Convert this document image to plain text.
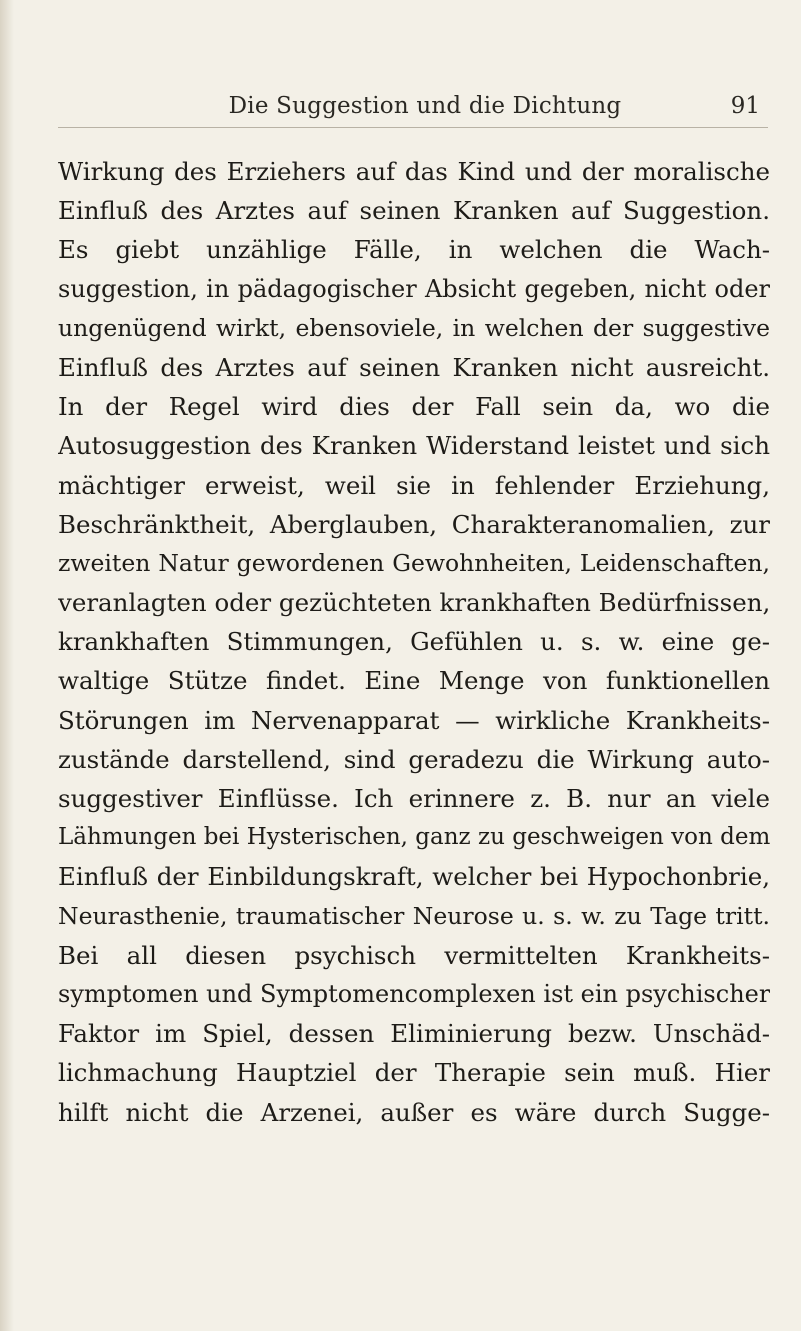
Die Suggestion und die Dichtung	91
Wirkung des Erziehers auf das Kind und der moralische
Einfluß des Arztes auf seinen Kranken auf Suggestion.
Es giebt unzählige Fälle, in welchen die Wach-
suggestion, in pädagogischer Absicht gegeben, nicht oder
ungenügend wirkt, ebensoviele, in welchen der suggestive
Einfluß des Arztes auf seinen Kranken nicht ausreicht.
In der Regel wird dies der Fall sein da, wo die
Autosuggestion des Kranken Widerstand leistet und sich
mächtiger erweist, weil sie in fehlender Erziehung,
Beschränktheit, Aberglauben, Charakteranomalien, zur
zweiten Natur gewordenen Gewohnheiten, Leidenschaften,
veranlagten oder gezüchteten krankhaften Bedürfnissen,
krankhaften Stimmungen, Gefühlen u. s. w. eine ge-
waltige Stütze findet. Eine Menge von funktionellen
Störungen im Nervenapparat — wirkliche Krankheits-
zustände darstellend, sind geradezu die Wirkung auto-
suggestiver Einflüsse. Ich erinnere z. B. nur an viele
Lähmungen bei Hysterischen, ganz zu geschweigen von dem
Einfluß der Einbildungskraft, welcher bei Hypochonbrie,
Neurasthenie, traumatischer Neurose u. s. w. zu Tage tritt.
Bei all diesen psychisch vermittelten Krankheits-
symptomen und Symptomencomplexen ist ein psychischer
Faktor im Spiel, dessen Eliminierung bezw. Unschäd-
lichmachung Hauptziel der Therapie sein muß. Hier
hilft nicht die Arzenei, außer es wäre durch Sugge-
